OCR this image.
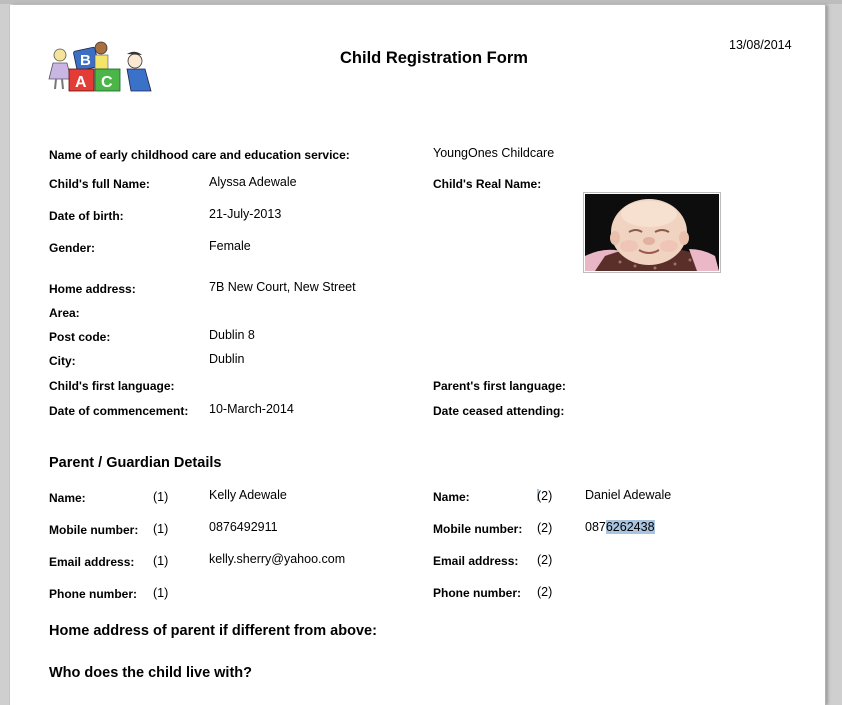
B
A C
Child Registration Form
13/08/2014
Name of early childhood care and education service:	YoungOnes Childcare
Child's full Name:	Alyssa Adewale	Child's Real Name:
Date of birth:	21-July-2013
Gender:	Female
Home address:	7B New Court, New Street
Area:
Post code:	Dublin 8
City:	Dublin
Child's first language:	Parent's first language:
Date of commencement: 10-March-2014	Date ceased attending:
Parent / Guardian Details
Name:	(1)	Kelly Adewale
Mobile number: (1)	0876492911
Email address: (1)	kelly.sherry@yahoo.com
Phone number: (1)
Name:	(2)	Daniel Adewale
Mobile number: (2)	0876262438
Email address: (2)
Phone number: (2)
Home address of parent if different from above:
Who does the child live with?
